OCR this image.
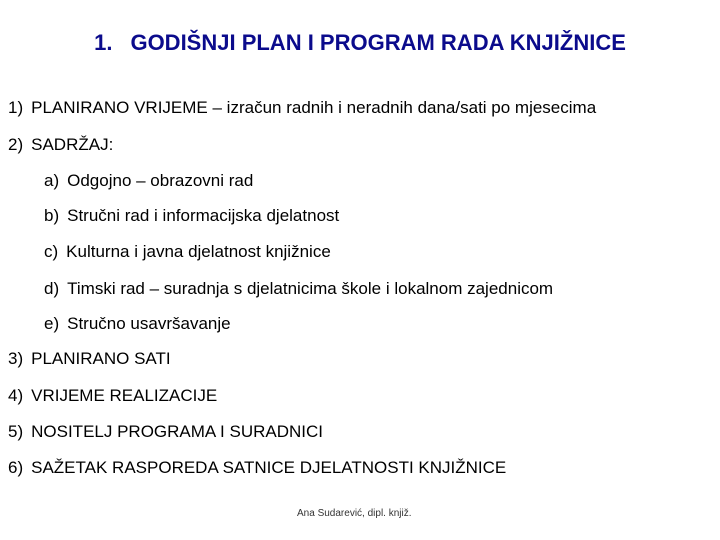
1. GODIŠNJI PLAN I PROGRAM RADA KNJIŽNICE
1) PLANIRANO VRIJEME – izračun radnih i neradnih dana/sati po mjesecima
2) SADRŽAJ:
a) Odgojno – obrazovni rad
b) Stručni rad i informacijska djelatnost
c) Kulturna i javna djelatnost knjižnice
d) Timski rad – suradnja s djelatnicima škole i lokalnom zajednicom
e) Stručno usavršavanje
3) PLANIRANO SATI
4) VRIJEME REALIZACIJE
5) NOSITELJ PROGRAMA I SURADNICI
6) SAŽETAK RASPOREDA SATNICE DJELATNOSTI KNJIŽNICE
Ana Sudarević, dipl. knjiž.
